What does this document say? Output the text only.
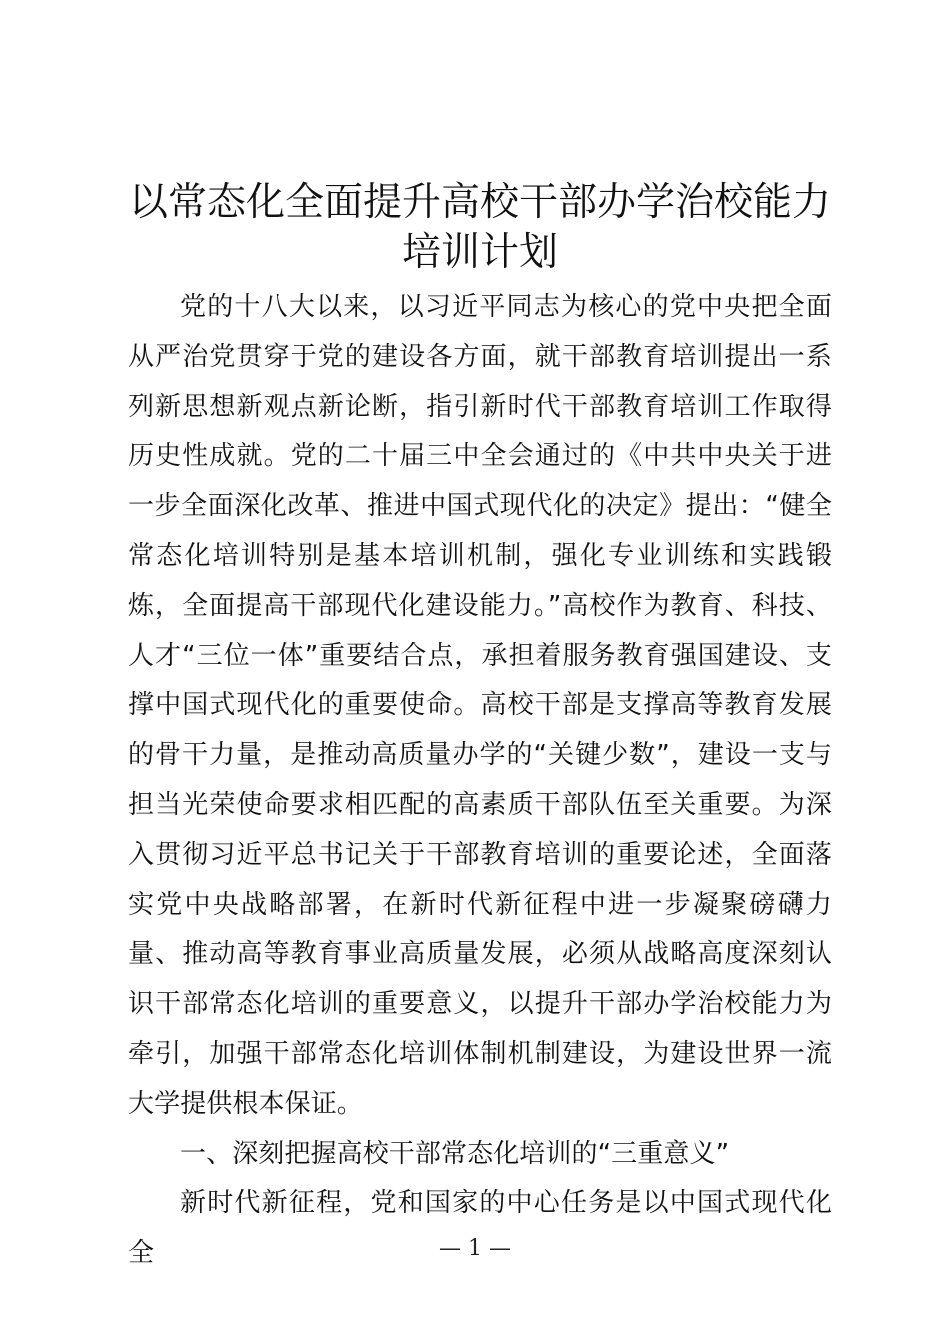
以常态化全面提升高校干部办学治校能力培训计划

党的十八大以来，以习近平同志为核心的党中央把全面从严治党贯穿于党的建设各方面，就干部教育培训提出一系列新思想新观点新论断，指引新时代干部教育培训工作取得历史性成就。党的二十届三中全会通过的《中共中央关于进一步全面深化改革、推进中国式现代化的决定》提出：“健全常态化培训特别是基本培训机制，强化专业训练和实践锻炼，全面提高干部现代化建设能力。”高校作为教育、科技、人才“三位一体”重要结合点，承担着服务教育强国建设、支撑中国式现代化的重要使命。高校干部是支撑高等教育发展的骨干力量，是推动高质量办学的“关键少数”，建设一支与担当光荣使命要求相匹配的高素质干部队伍至关重要。为深入贯彻习近平总书记关于干部教育培训的重要论述，全面落实党中央战略部署，在新时代新征程中进一步凝聚磅礴力量、推动高等教育事业高质量发展，必须从战略高度深刻认识干部常态化培训的重要意义，以提升干部办学治校能力为牵引，加强干部常态化培训体制机制建设，为建设世界一流大学提供根本保证。

一、深刻把握高校干部常态化培训的“三重意义”

新时代新征程，党和国家的中心任务是以中国式现代化全	— 1 —
